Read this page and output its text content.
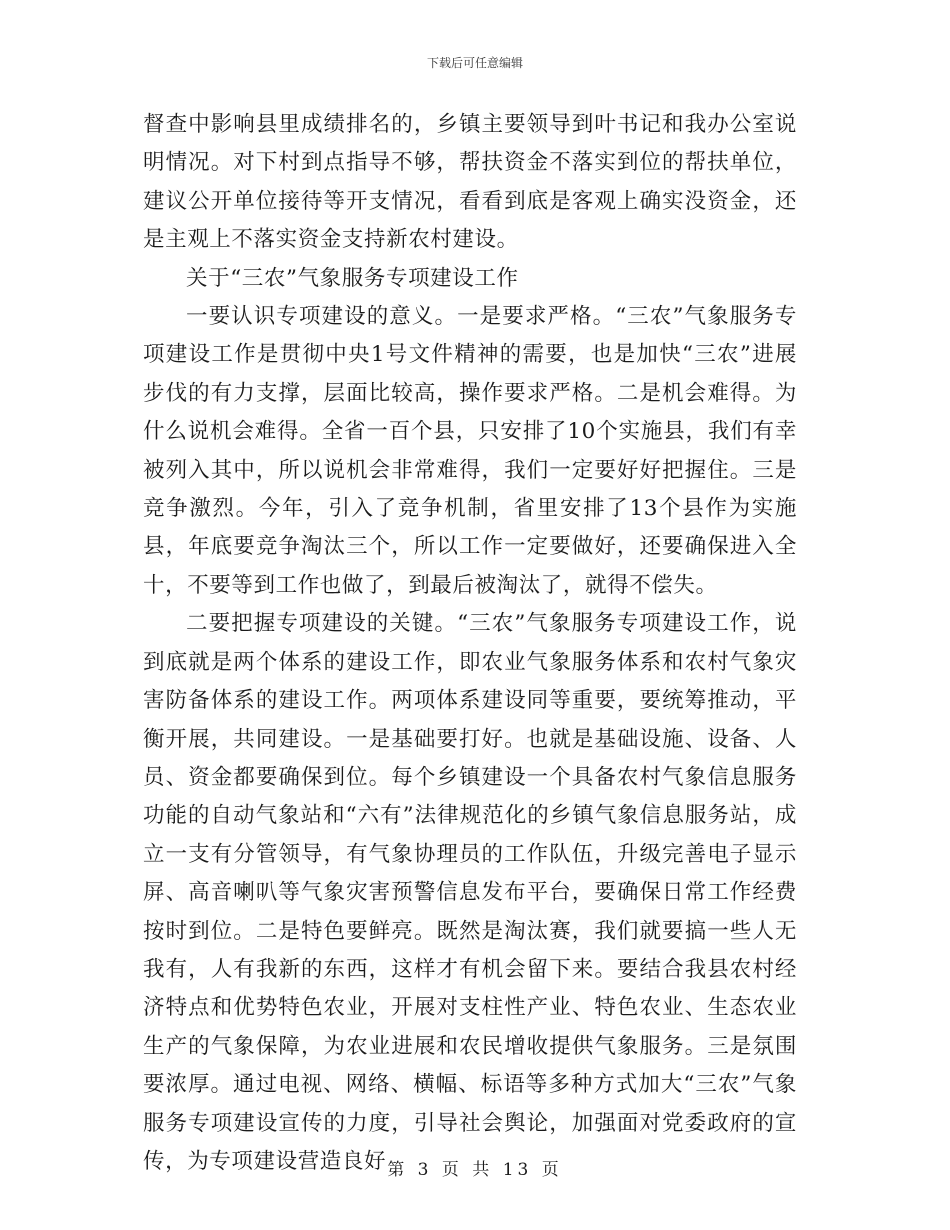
下载后可任意编辑

督查中影响县里成绩排名的，乡镇主要领导到叶书记和我办公室说明情况。对下村到点指导不够，帮扶资金不落实到位的帮扶单位，建议公开单位接待等开支情况，看看到底是客观上确实没资金，还是主观上不落实资金支持新农村建设。

关于“三农”气象服务专项建设工作

一要认识专项建设的意义。一是要求严格。“三农”气象服务专项建设工作是贯彻中央1号文件精神的需要，也是加快“三农”进展步伐的有力支撑，层面比较高，操作要求严格。二是机会难得。为什么说机会难得。全省一百个县，只安排了10个实施县，我们有幸被列入其中，所以说机会非常难得，我们一定要好好把握住。三是竞争激烈。今年，引入了竞争机制，省里安排了13个县作为实施县，年底要竞争淘汰三个，所以工作一定要做好，还要确保进入全十，不要等到工作也做了，到最后被淘汰了，就得不偿失。

二要把握专项建设的关键。“三农”气象服务专项建设工作，说到底就是两个体系的建设工作，即农业气象服务体系和农村气象灾害防备体系的建设工作。两项体系建设同等重要，要统筹推动，平衡开展，共同建设。一是基础要打好。也就是基础设施、设备、人员、资金都要确保到位。每个乡镇建设一个具备农村气象信息服务功能的自动气象站和“六有”法律规范化的乡镇气象信息服务站，成立一支有分管领导，有气象协理员的工作队伍，升级完善电子显示屏、高音喇叭等气象灾害预警信息发布平台，要确保日常工作经费按时到位。二是特色要鲜亮。既然是淘汰赛，我们就要搞一些人无我有，人有我新的东西，这样才有机会留下来。要结合我县农村经济特点和优势特色农业，开展对支柱性产业、特色农业、生态农业生产的气象保障，为农业进展和农民增收提供气象服务。三是氛围要浓厚。通过电视、网络、横幅、标语等多种方式加大“三农”气象服务专项建设宣传的力度，引导社会舆论，加强面对党委政府的宣传，为专项建设营造良好 第 3 页 共 13 页
